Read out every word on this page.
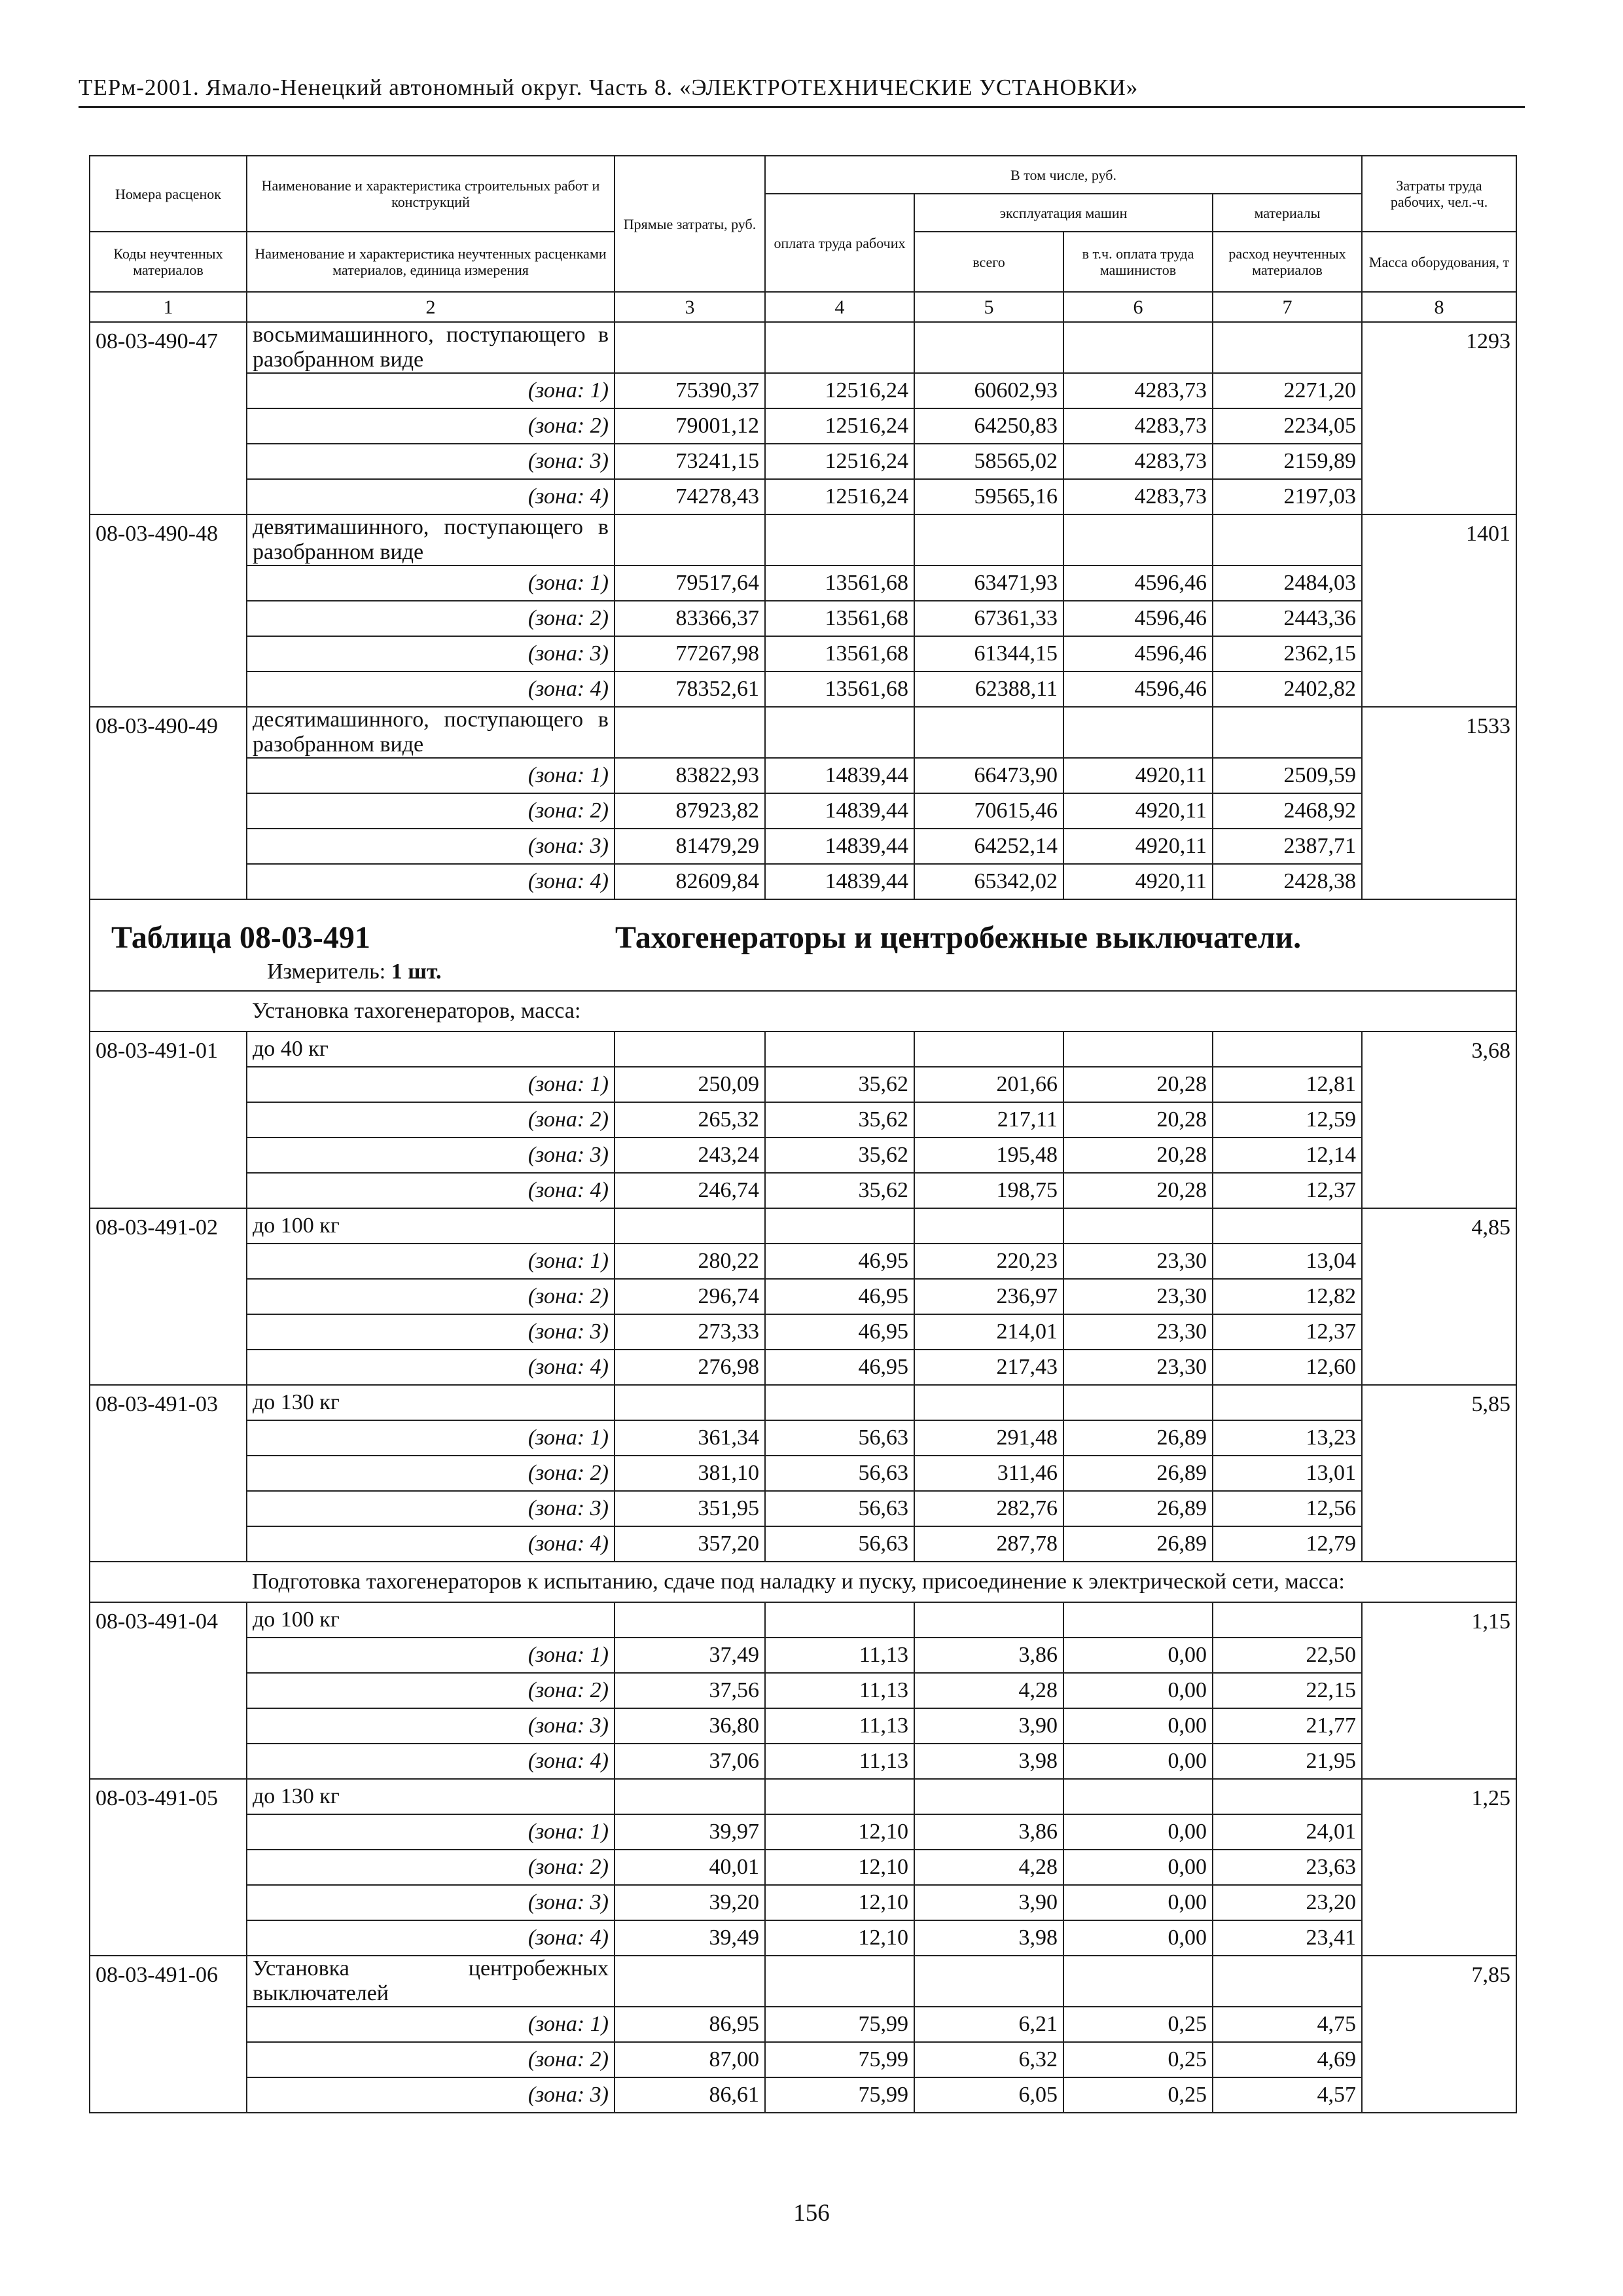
ТЕРм-2001. Ямало-Ненецкий автономный округ. Часть 8. «ЭЛЕКТРОТЕХНИЧЕСКИЕ УСТАНОВКИ»
Номера расценок	Наименование и характеристика строительных работ и конструкций	Прямые затраты, руб.	В том числе, руб.				Затраты труда рабочих, чел.-ч.
			оплата труда рабочих	эксплуатация машин		материалы	
Коды неучтенных материалов	Наименование и характеристика неучтенных расценками материалов, единица измерения			всего	в т.ч. оплата труда машинистов	расход неучтенных материалов	Масса оборудования, т
1	2	3	4	5	6	7	8
08-03-490-47	восьмимашинного, поступающего в разобранном виде						1293
	(зона: 1)	75390,37	12516,24	60602,93	4283,73	2271,20	
	(зона: 2)	79001,12	12516,24	64250,83	4283,73	2234,05	
	(зона: 3)	73241,15	12516,24	58565,02	4283,73	2159,89	
	(зона: 4)	74278,43	12516,24	59565,16	4283,73	2197,03	
08-03-490-48	девятимашинного, поступающего в разобранном виде						1401
	(зона: 1)	79517,64	13561,68	63471,93	4596,46	2484,03	
	(зона: 2)	83366,37	13561,68	67361,33	4596,46	2443,36	
	(зона: 3)	77267,98	13561,68	61344,15	4596,46	2362,15	
	(зона: 4)	78352,61	13561,68	62388,11	4596,46	2402,82	
08-03-490-49	десятимашинного, поступающего в разобранном виде						1533
	(зона: 1)	83822,93	14839,44	66473,90	4920,11	2509,59	
	(зона: 2)	87923,82	14839,44	70615,46	4920,11	2468,92	
	(зона: 3)	81479,29	14839,44	64252,14	4920,11	2387,71	
	(зона: 4)	82609,84	14839,44	65342,02	4920,11	2428,38	

Таблица 08-03-491 Тахогенераторы и центробежные выключатели.
Измеритель: 1 шт.							

	Установка тахогенераторов, масса:						
08-03-491-01	до 40 кг						3,68
	(зона: 1)	250,09	35,62	201,66	20,28	12,81	
	(зона: 2)	265,32	35,62	217,11	20,28	12,59	
	(зона: 3)	243,24	35,62	195,48	20,28	12,14	
	(зона: 4)	246,74	35,62	198,75	20,28	12,37	
08-03-491-02	до 100 кг						4,85
	(зона: 1)	280,22	46,95	220,23	23,30	13,04	
	(зона: 2)	296,74	46,95	236,97	23,30	12,82	
	(зона: 3)	273,33	46,95	214,01	23,30	12,37	
	(зона: 4)	276,98	46,95	217,43	23,30	12,60	
08-03-491-03	до 130 кг						5,85
	(зона: 1)	361,34	56,63	291,48	26,89	13,23	
	(зона: 2)	381,10	56,63	311,46	26,89	13,01	
	(зона: 3)	351,95	56,63	282,76	26,89	12,56	
	(зона: 4)	357,20	56,63	287,78	26,89	12,79	
	Подготовка тахогенераторов к испытанию, сдаче под наладку и пуску, присоединение к электрической сети, масса:						
08-03-491-04	до 100 кг						1,15
	(зона: 1)	37,49	11,13	3,86	0,00	22,50	
	(зона: 2)	37,56	11,13	4,28	0,00	22,15	
	(зона: 3)	36,80	11,13	3,90	0,00	21,77	
	(зона: 4)	37,06	11,13	3,98	0,00	21,95	
08-03-491-05	до 130 кг						1,25
	(зона: 1)	39,97	12,10	3,86	0,00	24,01	
	(зона: 2)	40,01	12,10	4,28	0,00	23,63	
	(зона: 3)	39,20	12,10	3,90	0,00	23,20	
	(зона: 4)	39,49	12,10	3,98	0,00	23,41	
08-03-491-06	Установка центробежных выключателей						7,85
	(зона: 1)	86,95	75,99	6,21	0,25	4,75	
	(зона: 2)	87,00	75,99	6,32	0,25	4,69	
	(зона: 3)	86,61	75,99	6,05	0,25	4,57	
156
